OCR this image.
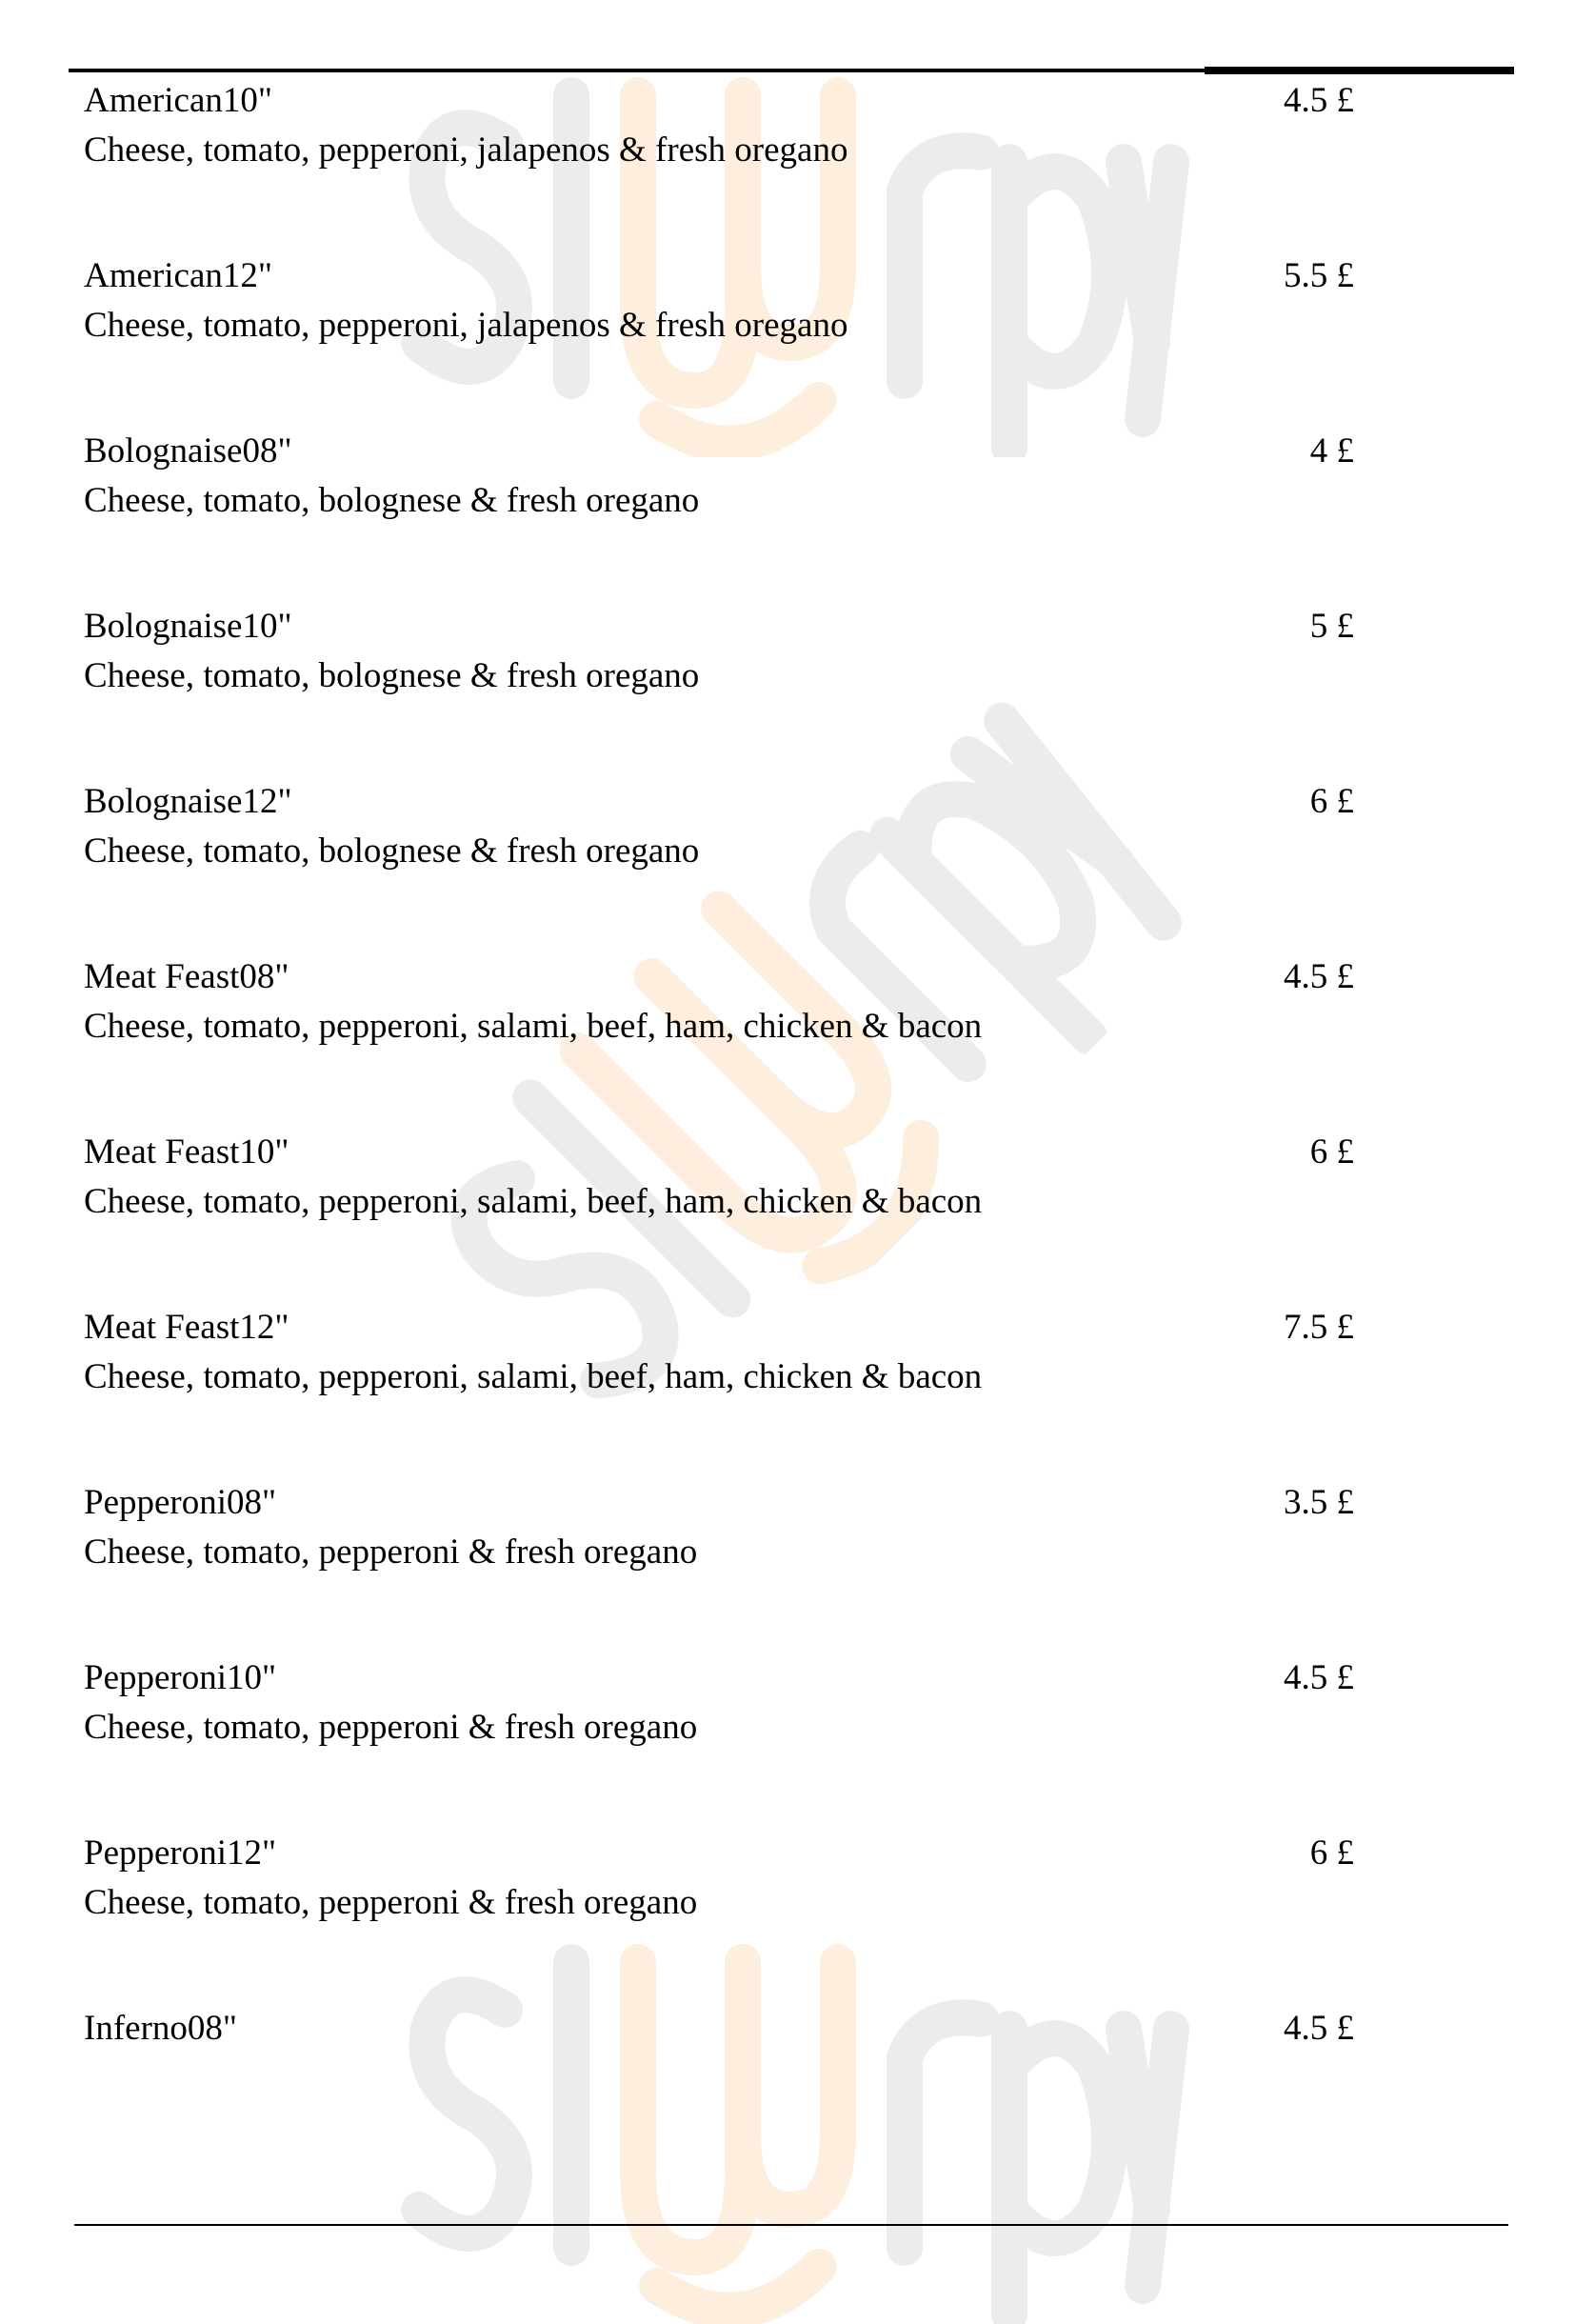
American10"	4.5 £
Cheese, tomato, pepperoni, jalapenos & fresh oregano
American12"	5.5 £
Cheese, tomato, pepperoni, jalapenos & fresh oregano
Bolognaise08"	4 £
Cheese, tomato, bolognese & fresh oregano
Bolognaise10"	5 £
Cheese, tomato, bolognese & fresh oregano
Bolognaise12"	6 £
Cheese, tomato, bolognese & fresh oregano
Meat Feast08"	4.5 £
Cheese, tomato, pepperoni, salami, beef, ham, chicken & bacon
Meat Feast10"	6 £
Cheese, tomato, pepperoni, salami, beef, ham, chicken & bacon
Meat Feast12"	7.5 £
Cheese, tomato, pepperoni, salami, beef, ham, chicken & bacon
Pepperoni08"	3.5 £
Cheese, tomato, pepperoni & fresh oregano
Pepperoni10"	4.5 £
Cheese, tomato, pepperoni & fresh oregano
Pepperoni12"	6 £
Cheese, tomato, pepperoni & fresh oregano
Inferno08"	4.5 £
